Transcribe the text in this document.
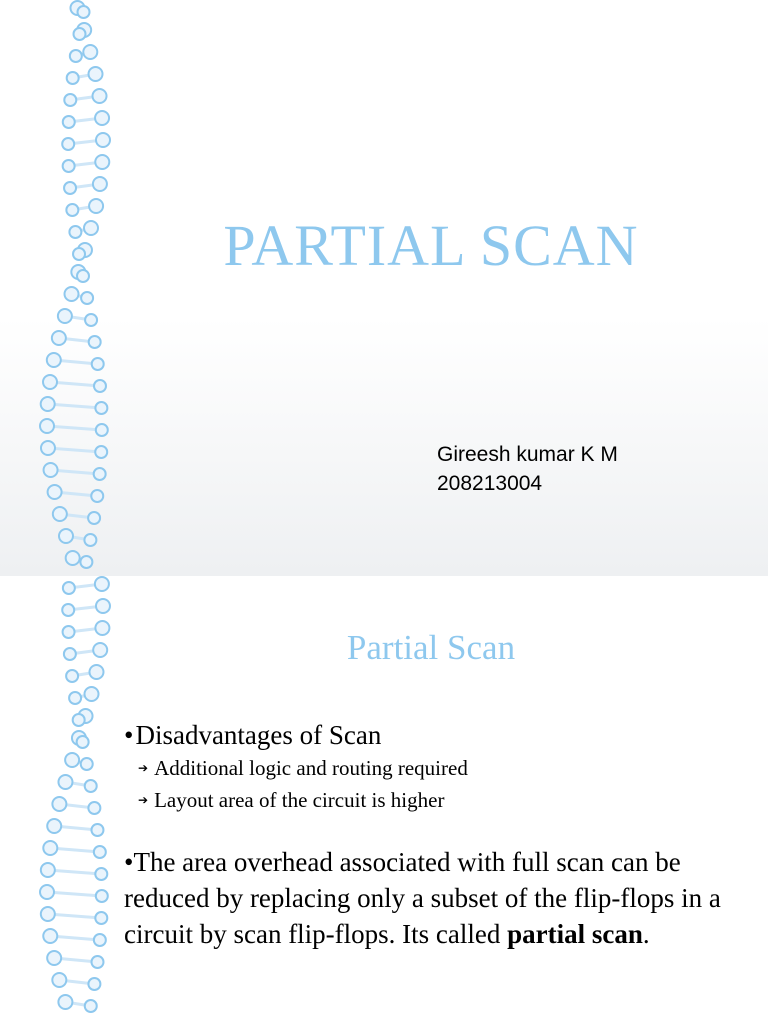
PARTIAL SCAN
Gireesh kumar K M
208213004
Partial Scan
•Disadvantages of Scan
➔ Additional logic and routing required
➔ Layout area of the circuit is higher
•The area overhead associated with full scan can be reduced by replacing only a subset of the flip-flops in a circuit by scan flip-flops. Its called partial scan.
